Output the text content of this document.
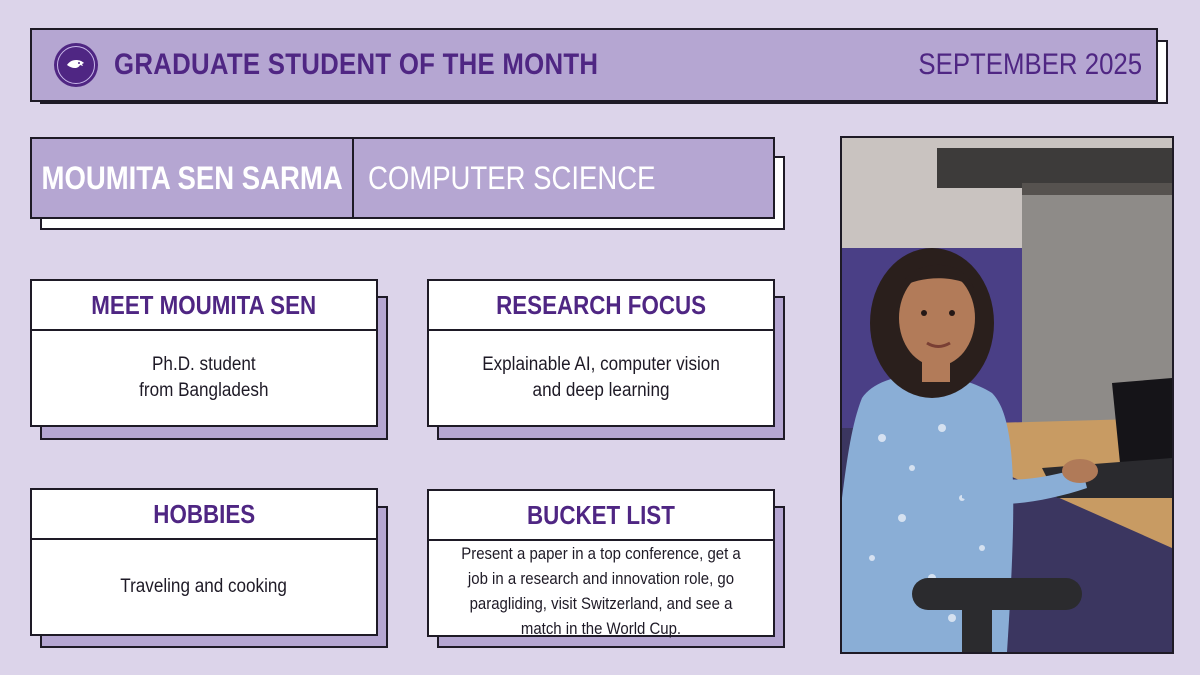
GRADUATE STUDENT OF THE MONTH	SEPTEMBER 2025
MOUMITA SEN SARMA COMPUTER SCIENCE
MEET MOUMITA SEN
Ph.D. student
from Bangladesh
RESEARCH FOCUS
Explainable AI, computer vision
and deep learning
HOBBIES
Traveling and cooking
BUCKET LIST
Present a paper in a top conference, get a job in a research and innovation role, go paragliding, visit Switzerland, and see a match in the World Cup.
